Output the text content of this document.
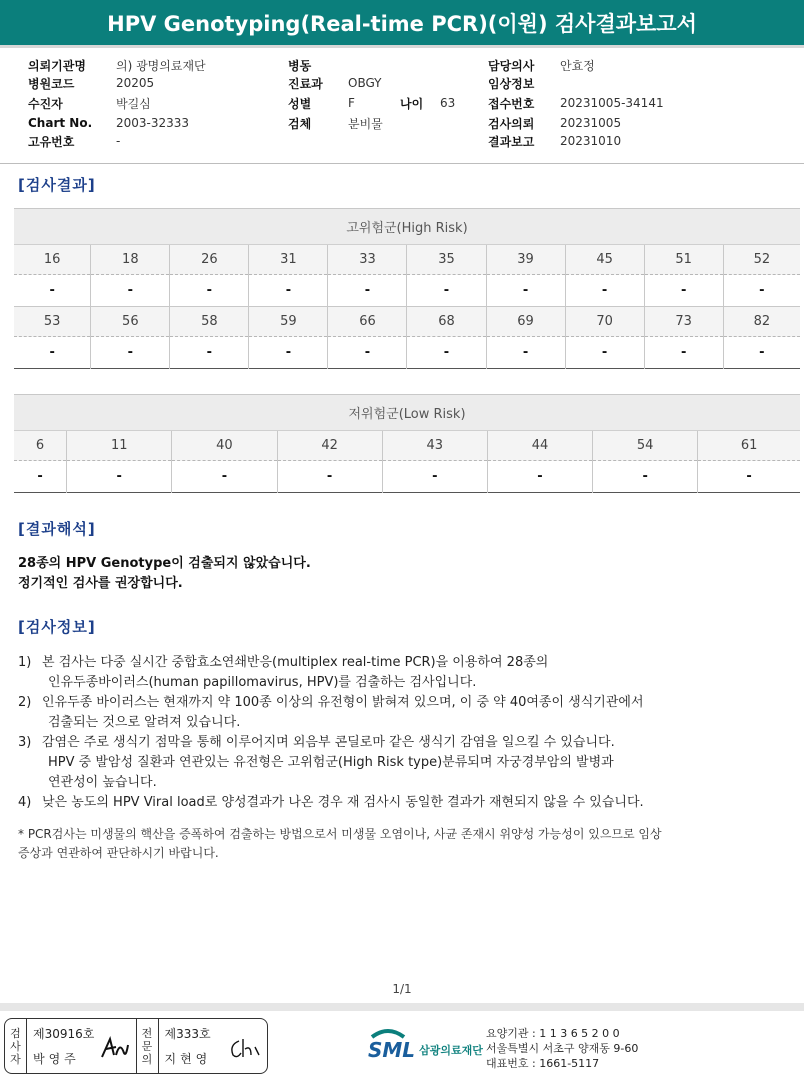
HPV Genotyping(Real-time PCR)(이원) 검사결과보고서
의뢰기관명	의) 광명의료재단
병원코드	20205
수진자	박길심
Chart No.	2003-32333
고유번호	-
병동
진료과	OBGY
성별	F	나이	63
검체	분비물
담당의사	안효정
임상정보
접수번호	20231005-34141
검사의뢰	20231005
결과보고	20231010
[검사결과]
고위험군(High Risk)									
16	18	26	31	33	35	39	45	51	52
-	-	-	-	-	-	-	-	-	-
53	56	58	59	66	68	69	70	73	82
-	-	-	-	-	-	-	-	-	-
저위험군(Low Risk)							
6	11	40	42	43	44	54	61
-	-	-	-	-	-	-	-
[결과해석]
28종의 HPV Genotype이 검출되지 않았습니다.
정기적인 검사를 권장합니다.
[검사정보]
1) 본 검사는 다중 실시간 중합효소연쇄반응(multiplex real-time PCR)을 이용하여 28종의
인유두종바이러스(human papillomavirus, HPV)를 검출하는 검사입니다.
2) 인유두종 바이러스는 현재까지 약 100종 이상의 유전형이 밝혀져 있으며, 이 중 약 40여종이 생식기관에서
검출되는 것으로 알려져 있습니다.
3) 감염은 주로 생식기 점막을 통해 이루어지며 외음부 콘딜로마 같은 생식기 감염을 일으킬 수 있습니다.
HPV 중 발암성 질환과 연관있는 유전형은 고위험군(High Risk type)분류되며 자궁경부암의 발병과
연관성이 높습니다.
4) 낮은 농도의 HPV Viral load로 양성결과가 나온 경우 재 검사시 동일한 결과가 재현되지 않을 수 있습니다.
* PCR검사는 미생물의 핵산을 증폭하여 검출하는 방법으로서 미생물 오염이나, 사균 존재시 위양성 가능성이 있으므로 임상
증상과 연관하여 판단하시기 바랍니다.
1/1
검
사
자
제30916호
박영주
전
문
의
제333호
지현영	SML 삼광의료재단
요양기관 : 1 1 3 6 5 2 0 0
서울특별시 서초구 양재동 9-60
대표번호 : 1661-5117
